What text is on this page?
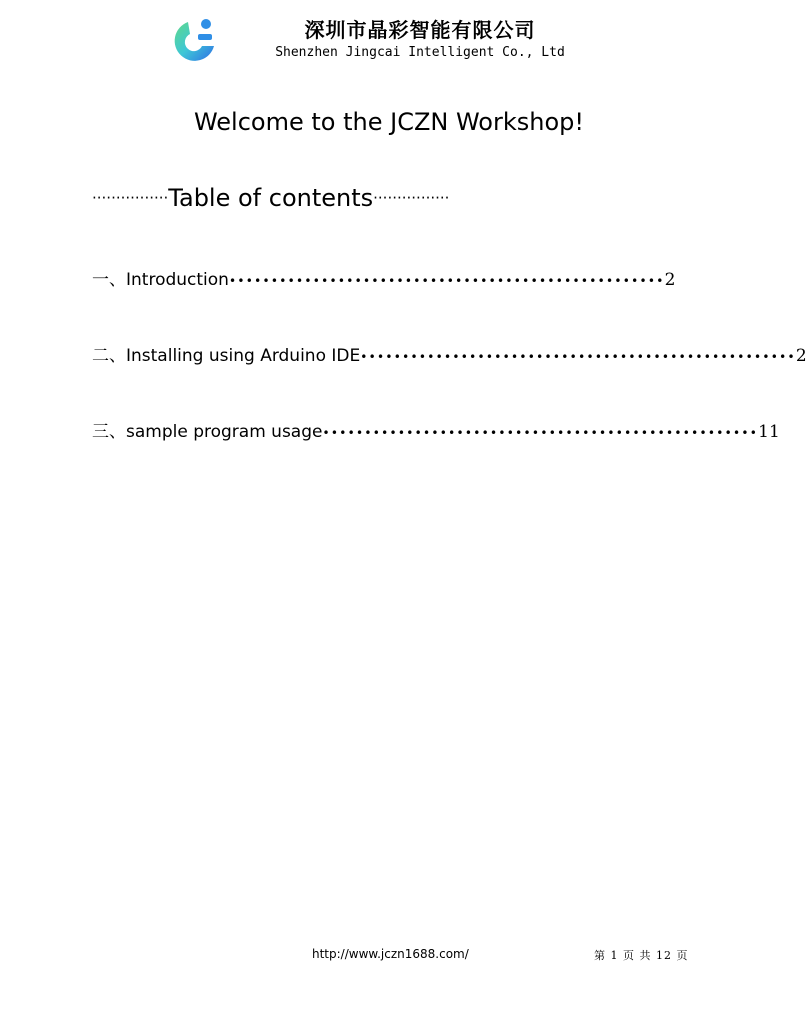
深圳市晶彩智能有限公司
Shenzhen Jingcai Intelligent Co., Ltd
Welcome to the JCZN Workshop!
················Table of contents················
一、Introduction •••••••••••••••••••••••••••••••••••••••••••••••••••• 2
二、Installing using Arduino IDE •••••••••••••••••••••••••••••••••••••••••••••••••••• 2
三、sample program usage •••••••••••••••••••••••••••••••••••••••••••••••••••• 11
http://www.jczn1688.com/	第 1 页 共 12 页
